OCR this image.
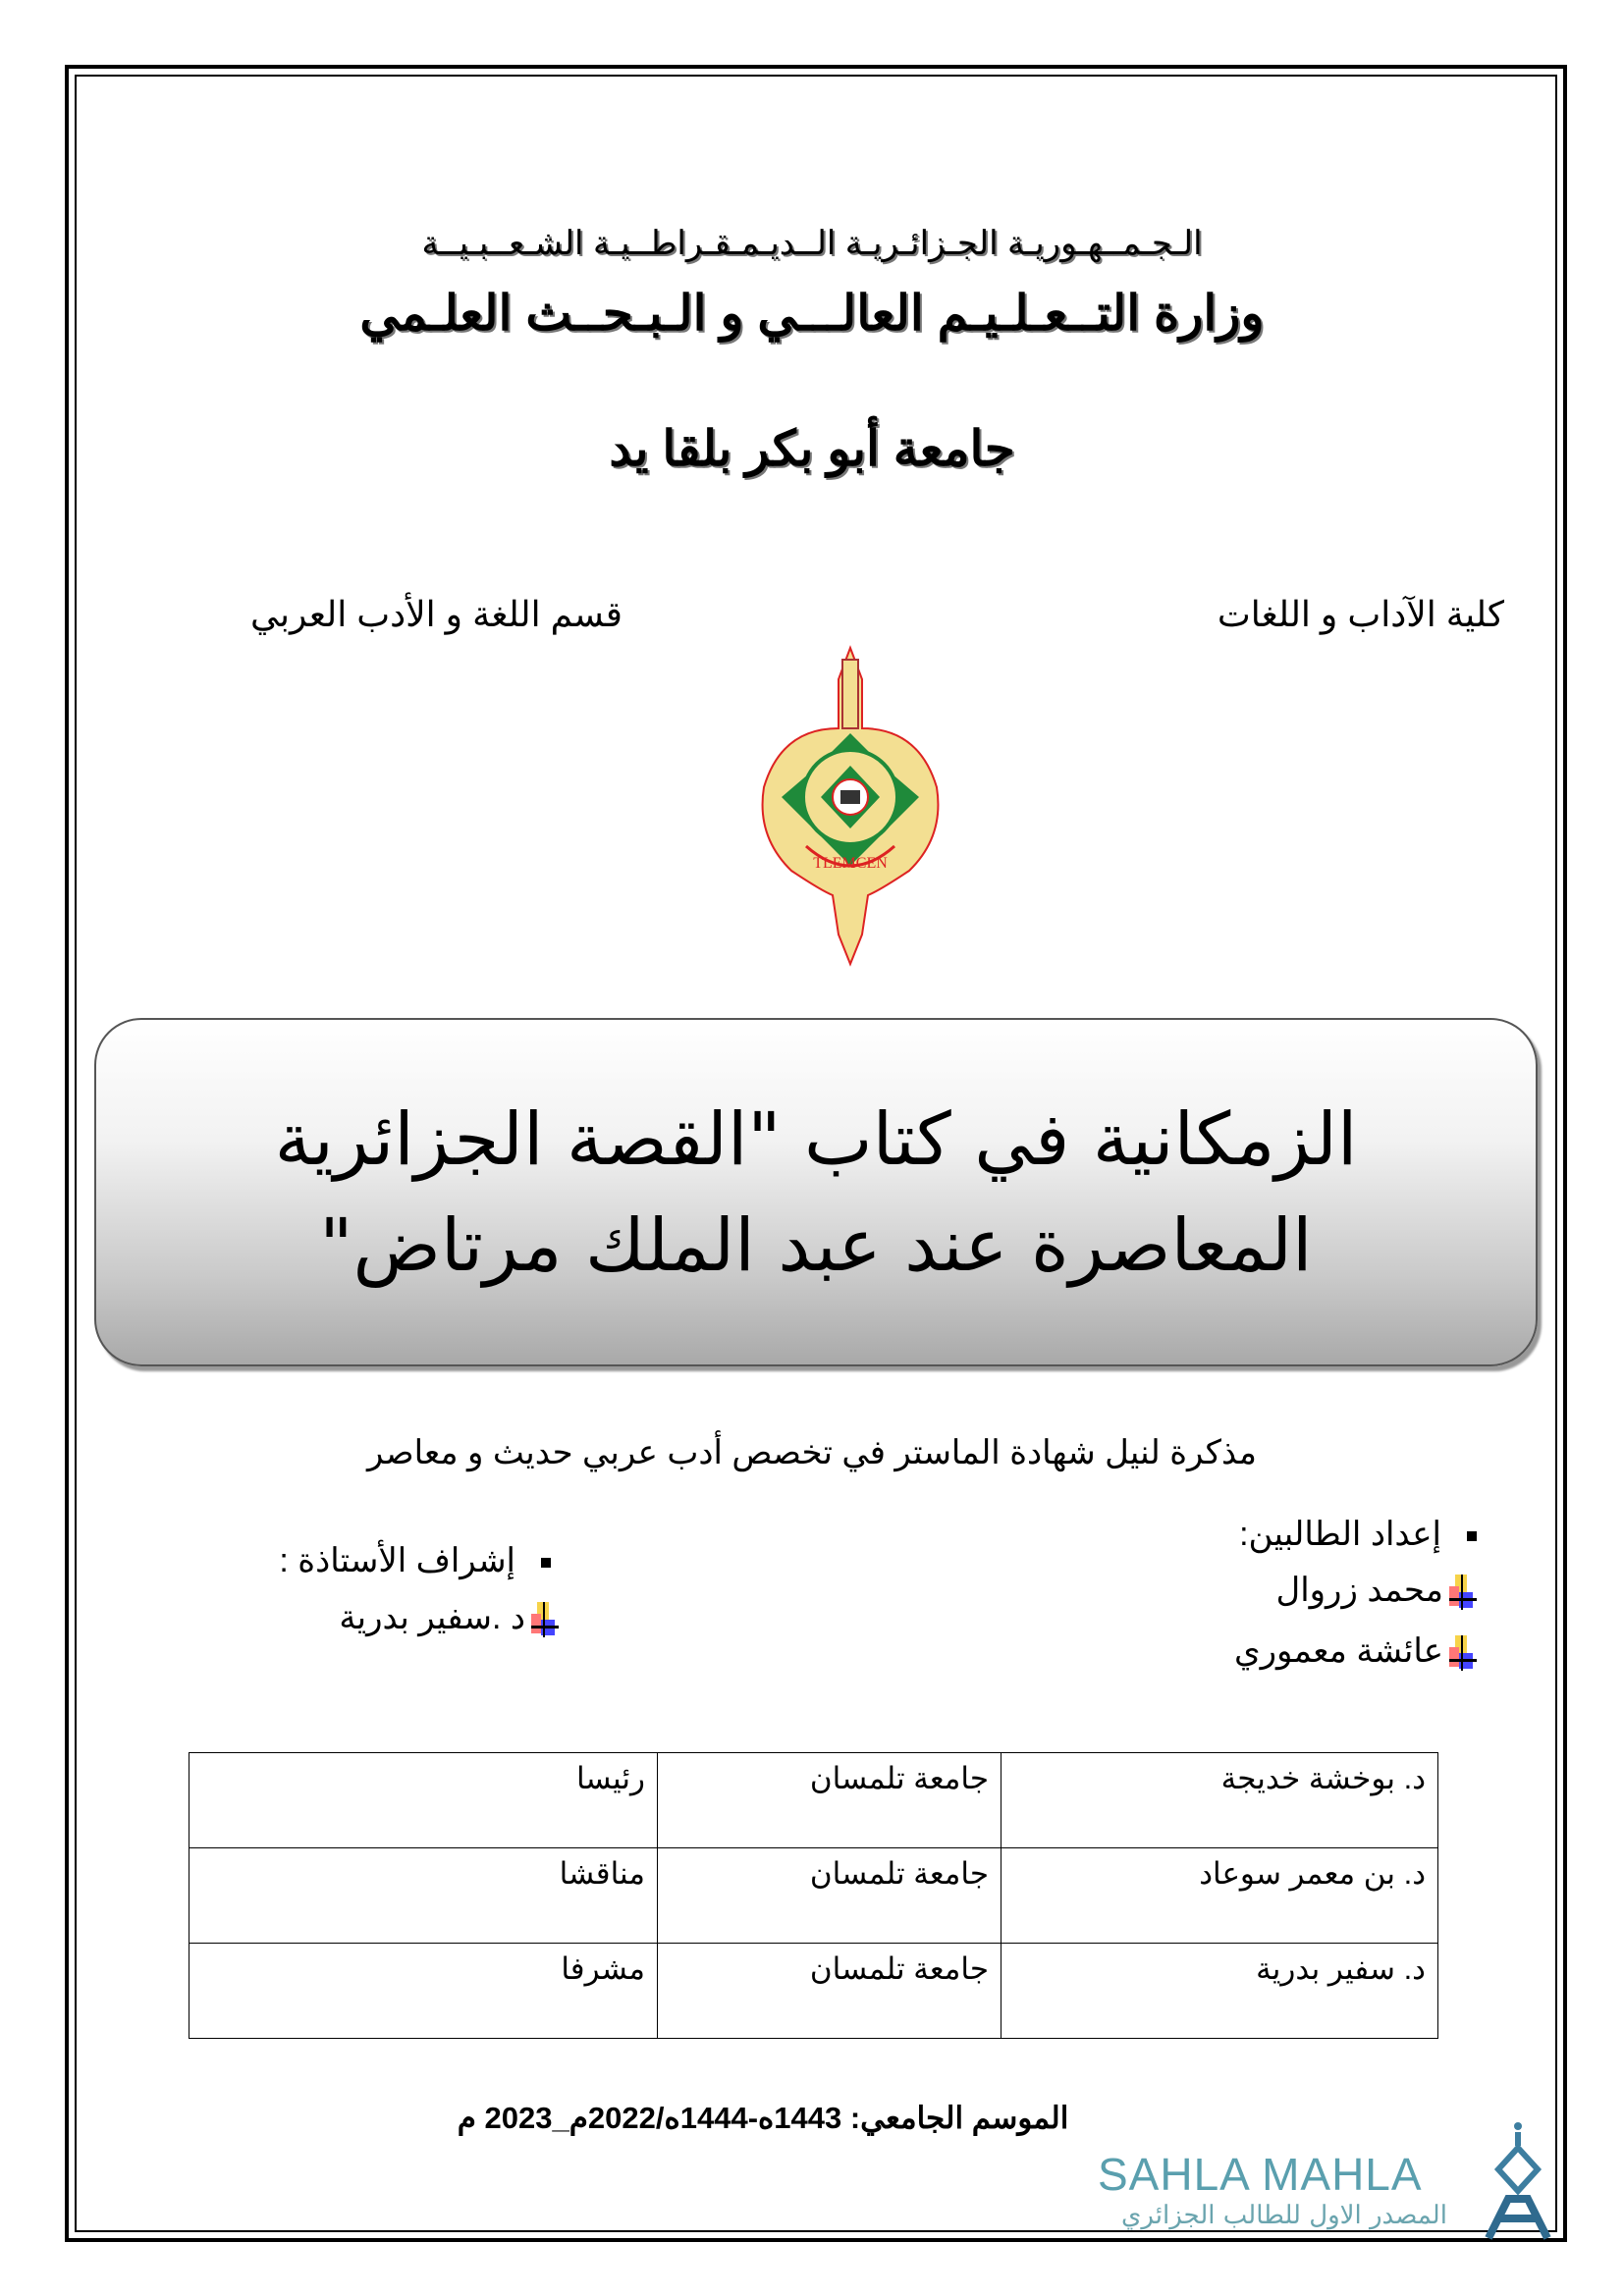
الـجـمــهـوريـة الجـزائـريـة الــديـمـقـراطــيـة الشـعــبـيــة
وزارة التــعـلـيـم العالـــي و الـبـحــث العلـمي
جامعة أبو بكر بلقا يد
كلية الآداب و اللغات
قسم اللغة و الأدب العربي
TLEMCEN
الزمكانية في كتاب "القصة الجزائرية
المعاصرة عند عبد الملك مرتاض"
مذكرة لنيل شهادة الماستر في تخصص أدب عربي حديث و معاصر
إعداد الطالبين:
محمد زروال
عائشة معموري
إشراف الأستاذة :
د .سفير بدرية
د. بوخشة خديجة	جامعة تلمسان	رئيسا
د. بن معمر سوعاد	جامعة تلمسان	مناقشا
د. سفير بدرية	جامعة تلمسان	مشرفا
الموسم الجامعي: 1443ه-1444ه/2022م_2023 م
SAHLA MAHLA
المصدر الاول للطالب الجزائري
